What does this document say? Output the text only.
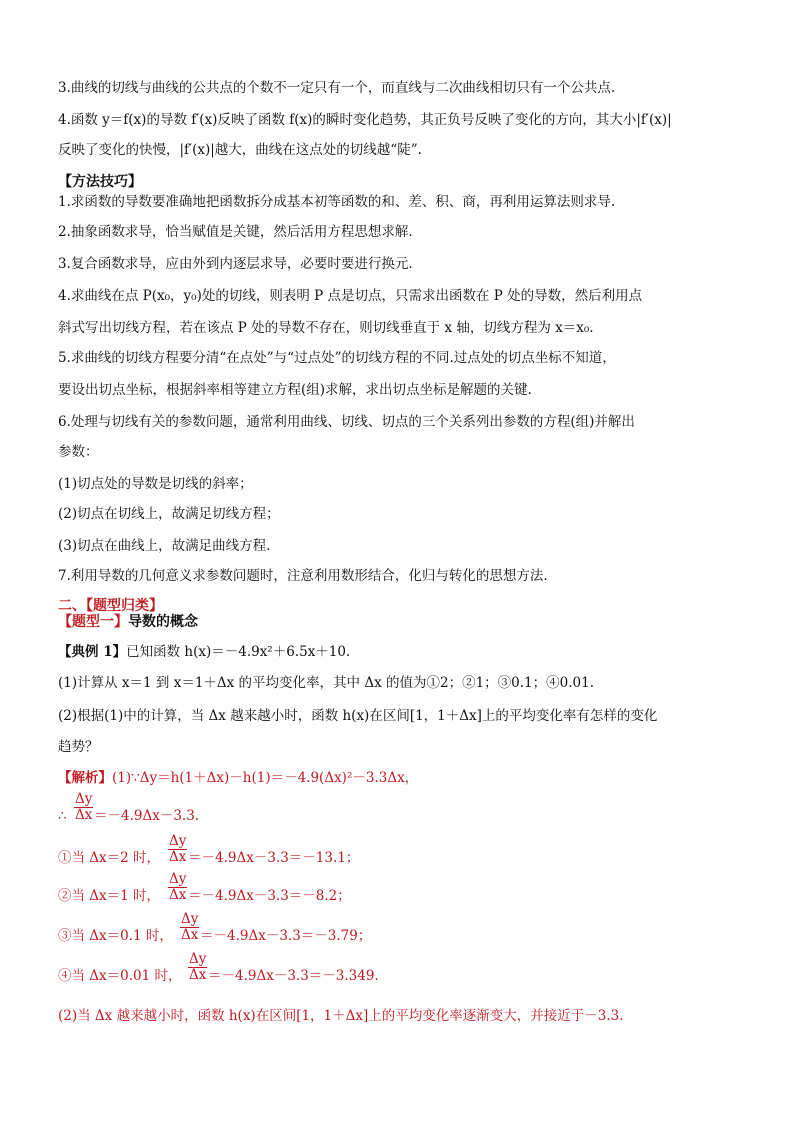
3.曲线的切线与曲线的公共点的个数不一定只有一个，而直线与二次曲线相切只有一个公共点.
4.函数 y＝f(x)的导数 f′(x)反映了函数 f(x)的瞬时变化趋势，其正负号反映了变化的方向，其大小|f′(x)|
反映了变化的快慢，|f′(x)|越大，曲线在这点处的切线越“陡”.
【方法技巧】
1.求函数的导数要准确地把函数拆分成基本初等函数的和、差、积、商，再利用运算法则求导.
2.抽象函数求导，恰当赋值是关键，然后活用方程思想求解.
3.复合函数求导，应由外到内逐层求导，必要时要进行换元.
4.求曲线在点 P(x₀，y₀)处的切线，则表明 P 点是切点，只需求出函数在 P 处的导数，然后利用点
斜式写出切线方程，若在该点 P 处的导数不存在，则切线垂直于 x 轴，切线方程为 x＝x₀.
5.求曲线的切线方程要分清“在点处”与“过点处”的切线方程的不同.过点处的切点坐标不知道，
要设出切点坐标，根据斜率相等建立方程(组)求解，求出切点坐标是解题的关键.
6.处理与切线有关的参数问题，通常利用曲线、切线、切点的三个关系列出参数的方程(组)并解出
参数：
(1)切点处的导数是切线的斜率；
(2)切点在切线上，故满足切线方程；
(3)切点在曲线上，故满足曲线方程.
7.利用导数的几何意义求参数问题时，注意利用数形结合，化归与转化的思想方法.
二、【题型归类】
【题型一】导数的概念
【典例 1】已知函数 h(x)＝－4.9x²＋6.5x＋10.
(1)计算从 x＝1 到 x＝1＋Δx 的平均变化率，其中 Δx 的值为①2；②1；③0.1；④0.01.
(2)根据(1)中的计算，当 Δx 越来越小时，函数 h(x)在区间[1，1＋Δx]上的平均变化率有怎样的变化
趋势？
【解析】(1)∵Δy＝h(1＋Δx)－h(1)＝－4.9(Δx)²－3.3Δx，
∴ $\frac{\Delta y}{\Delta x} =-4.9\Delta x-3.3$.
①当 Δx＝2 时， $\frac{\Delta y}{\Delta x} =-4.9\Delta x-3.3=-13.1$；
②当 Δx＝1 时， $\frac{\Delta y}{\Delta x} =-4.9\Delta x-3.3=-8.2$；
③当 Δx＝0.1 时， $\frac{\Delta y}{\Delta x} =-4.9\Delta x-3.3=-3.79$；
④当 Δx＝0.01 时， $\frac{\Delta y}{\Delta x} =-4.9\Delta x-3.3=-3.349$.
(2)当 Δx 越来越小时，函数 h(x)在区间[1，1＋Δx]上的平均变化率逐渐变大，并接近于－3.3.
